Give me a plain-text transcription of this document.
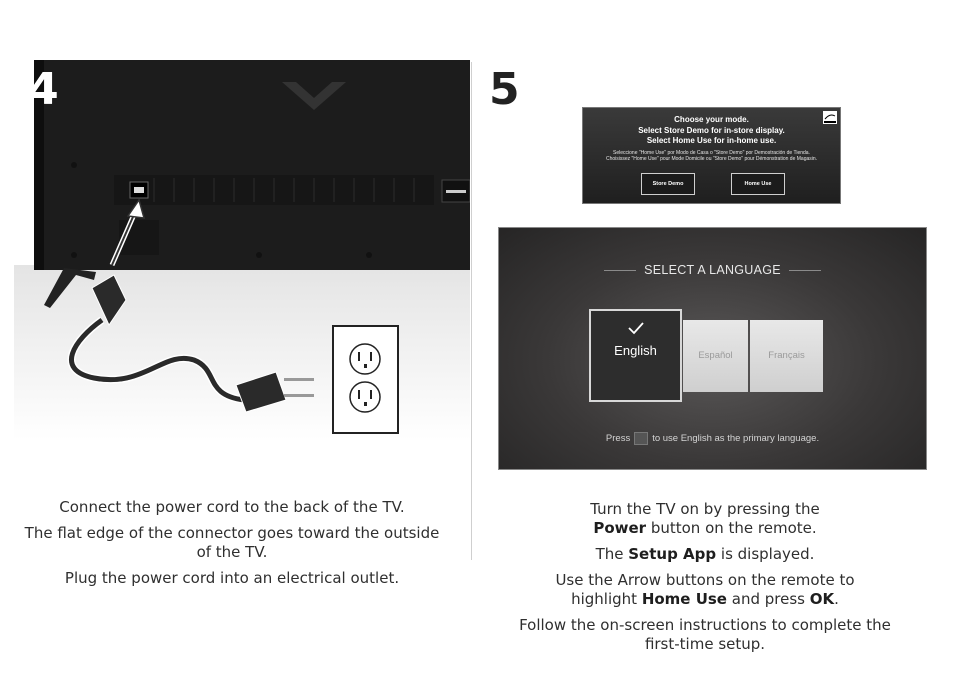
4

Connect the power cord to the back of the TV.

The flat edge of the connector goes toward the outside of the TV.

Plug the power cord into an electrical outlet.

5
Choose your mode.
Select Store Demo for in-store display.
Select Home Use for in-home use.
Seleccione "Home Use" por Modo de Casa o "Store Demo" por Demostración de Tienda.
Choisissez "Home Use" pour Mode Domicile ou "Store Demo" pour Démonstration de Magasin.
Store Demo	Home Use
SELECT A LANGUAGE
English	Español	Français
Press to use English as the primary language.

Turn the TV on by pressing the Power button on the remote.

The Setup App is displayed.

Use the Arrow buttons on the remote to highlight Home Use and press OK.

Follow the on-screen instructions to complete the first-time setup.
